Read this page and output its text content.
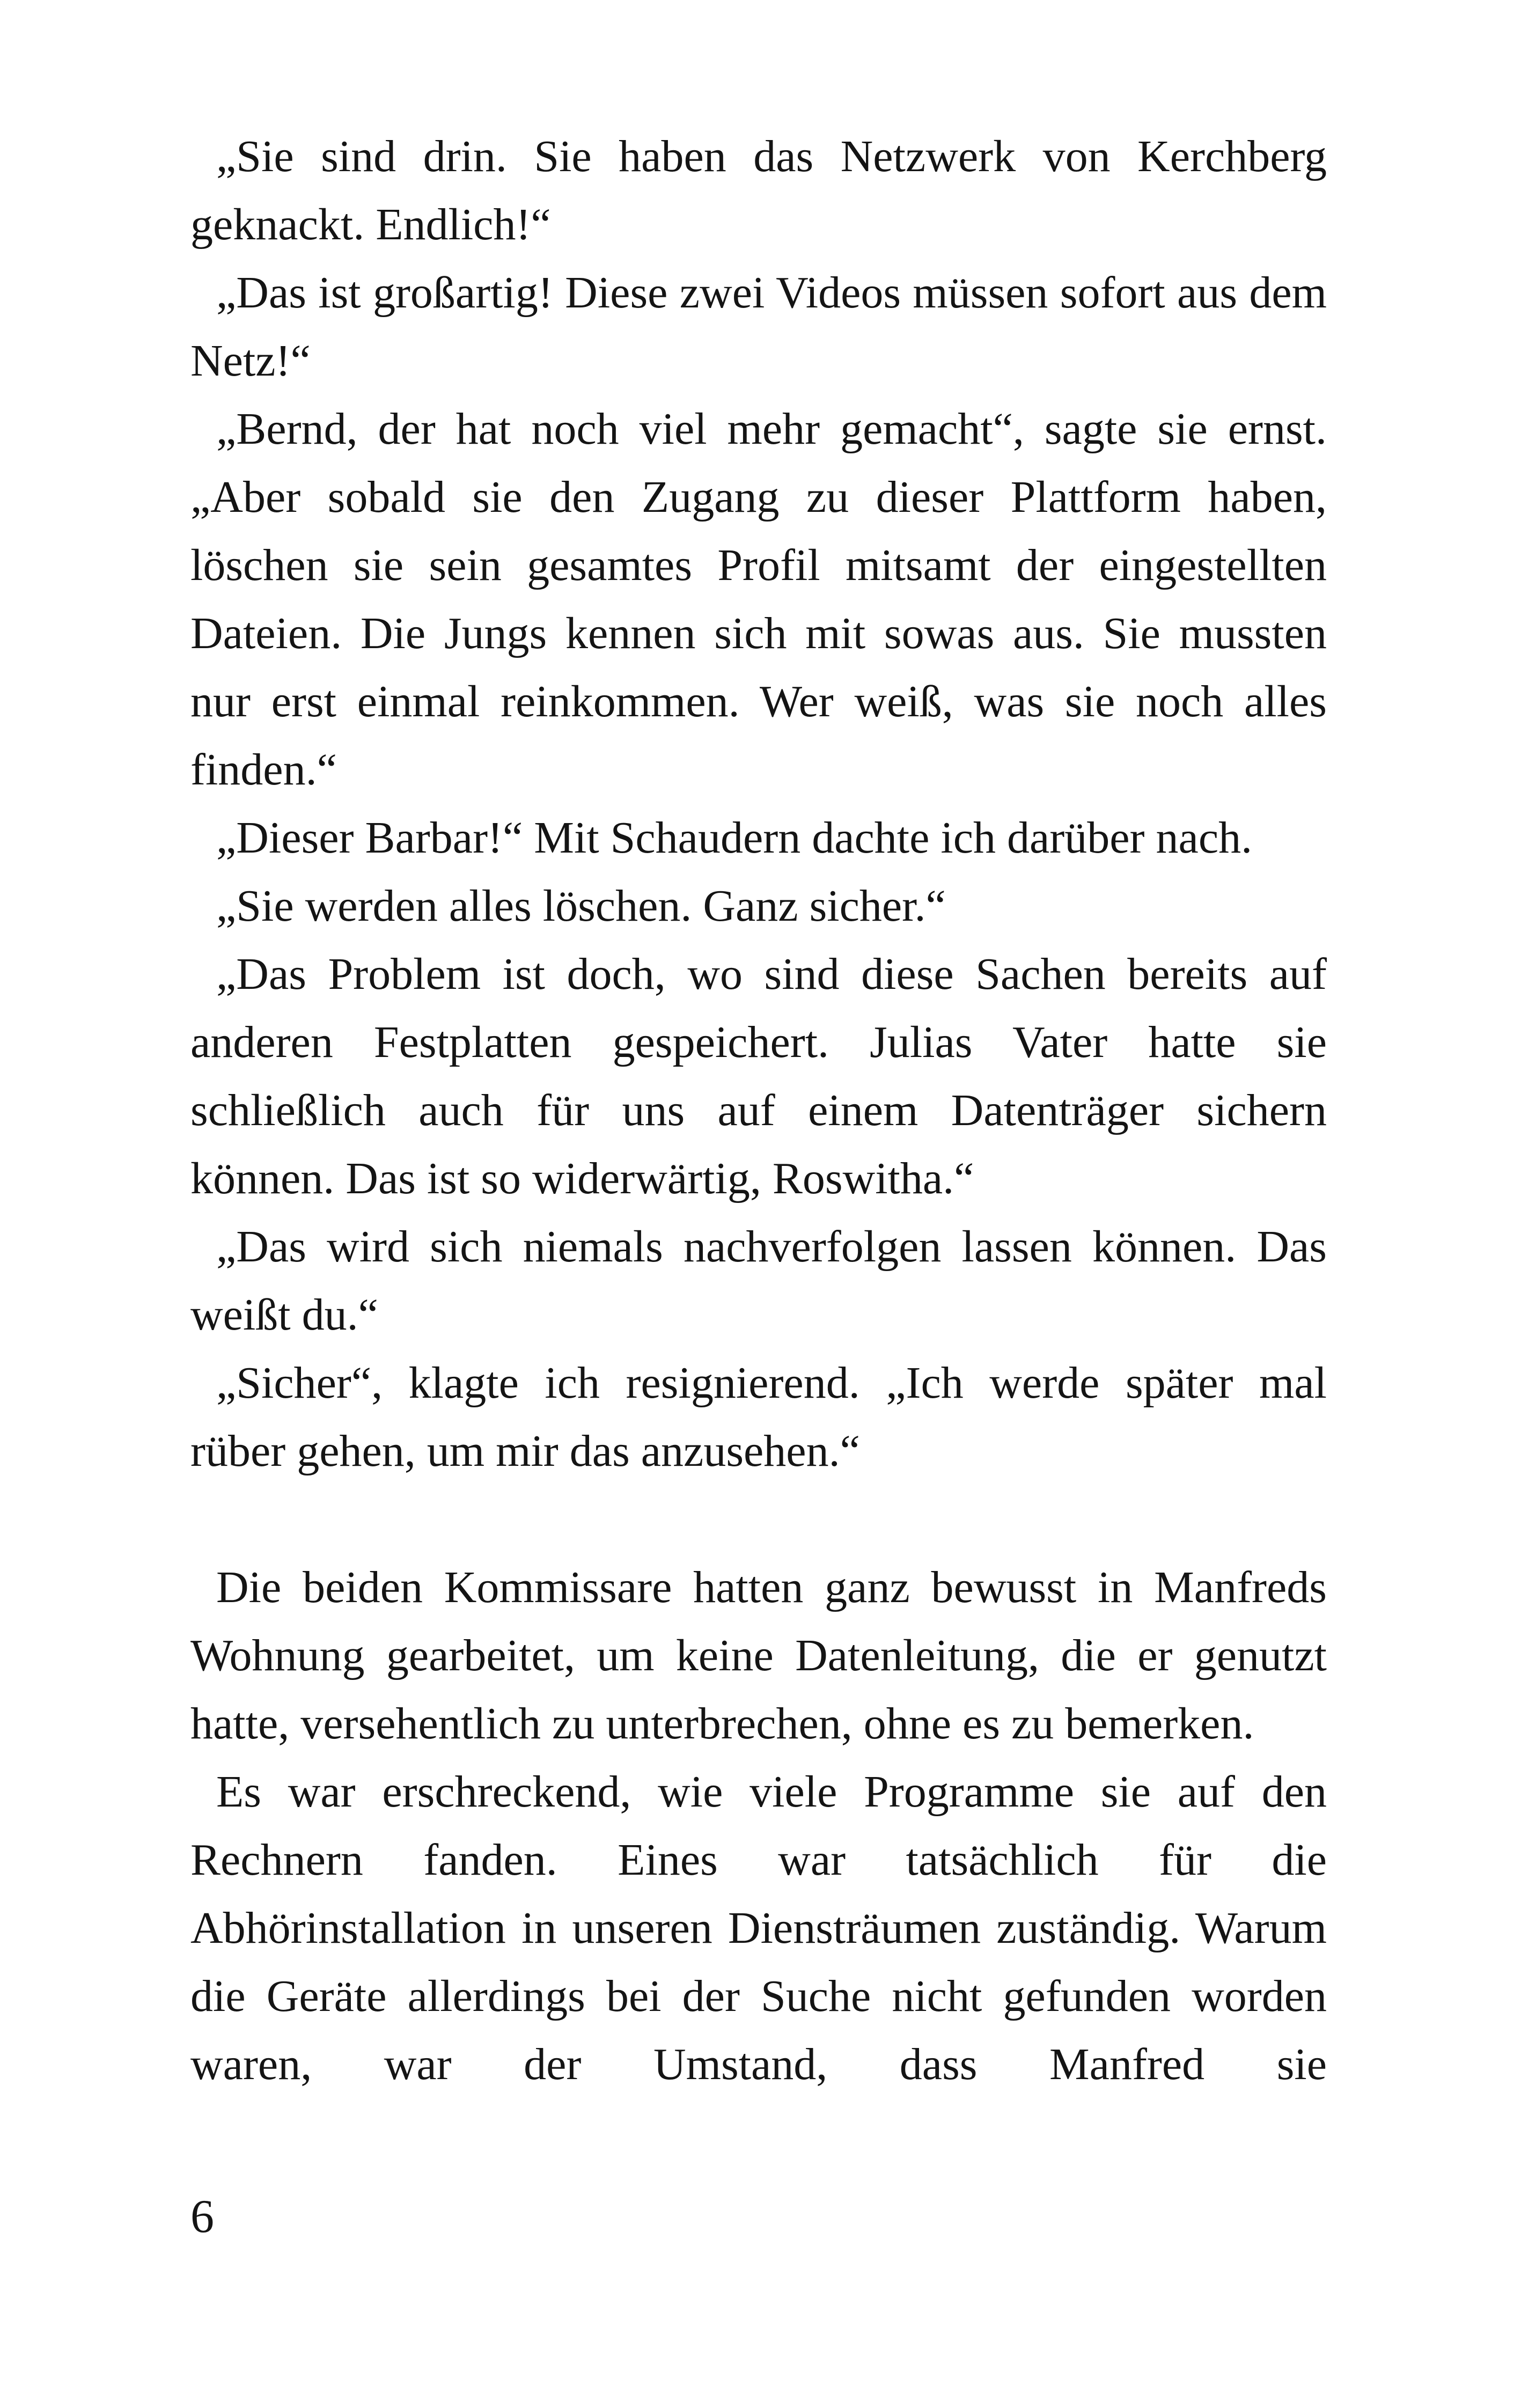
„Sie sind drin. Sie haben das Netzwerk von Kerchberg geknackt. Endlich!“

„Das ist großartig! Diese zwei Videos müssen sofort aus dem Netz!“

„Bernd, der hat noch viel mehr gemacht“, sagte sie ernst. „Aber sobald sie den Zugang zu dieser Plattform haben, löschen sie sein gesamtes Profil mitsamt der eingestellten Dateien. Die Jungs kennen sich mit sowas aus. Sie mussten nur erst einmal reinkommen. Wer weiß, was sie noch alles finden.“

„Dieser Barbar!“ Mit Schaudern dachte ich darüber nach.

„Sie werden alles löschen. Ganz sicher.“

„Das Problem ist doch, wo sind diese Sachen bereits auf anderen Festplatten gespeichert. Julias Vater hatte sie schließlich auch für uns auf einem Datenträger sichern können. Das ist so widerwärtig, Roswitha.“

„Das wird sich niemals nachverfolgen lassen können. Das weißt du.“

„Sicher“, klagte ich resignierend. „Ich werde später mal rüber gehen, um mir das anzusehen.“

Die beiden Kommissare hatten ganz bewusst in Manfreds Wohnung gearbeitet, um keine Datenleitung, die er genutzt hatte, versehentlich zu unterbrechen, ohne es zu bemerken.

Es war erschreckend, wie viele Programme sie auf den Rechnern fanden. Eines war tatsächlich für die Abhörinstallation in unseren Diensträumen zuständig. Warum die Geräte allerdings bei der Suche nicht gefunden worden waren, war der Umstand, dass Manfred sie

6
